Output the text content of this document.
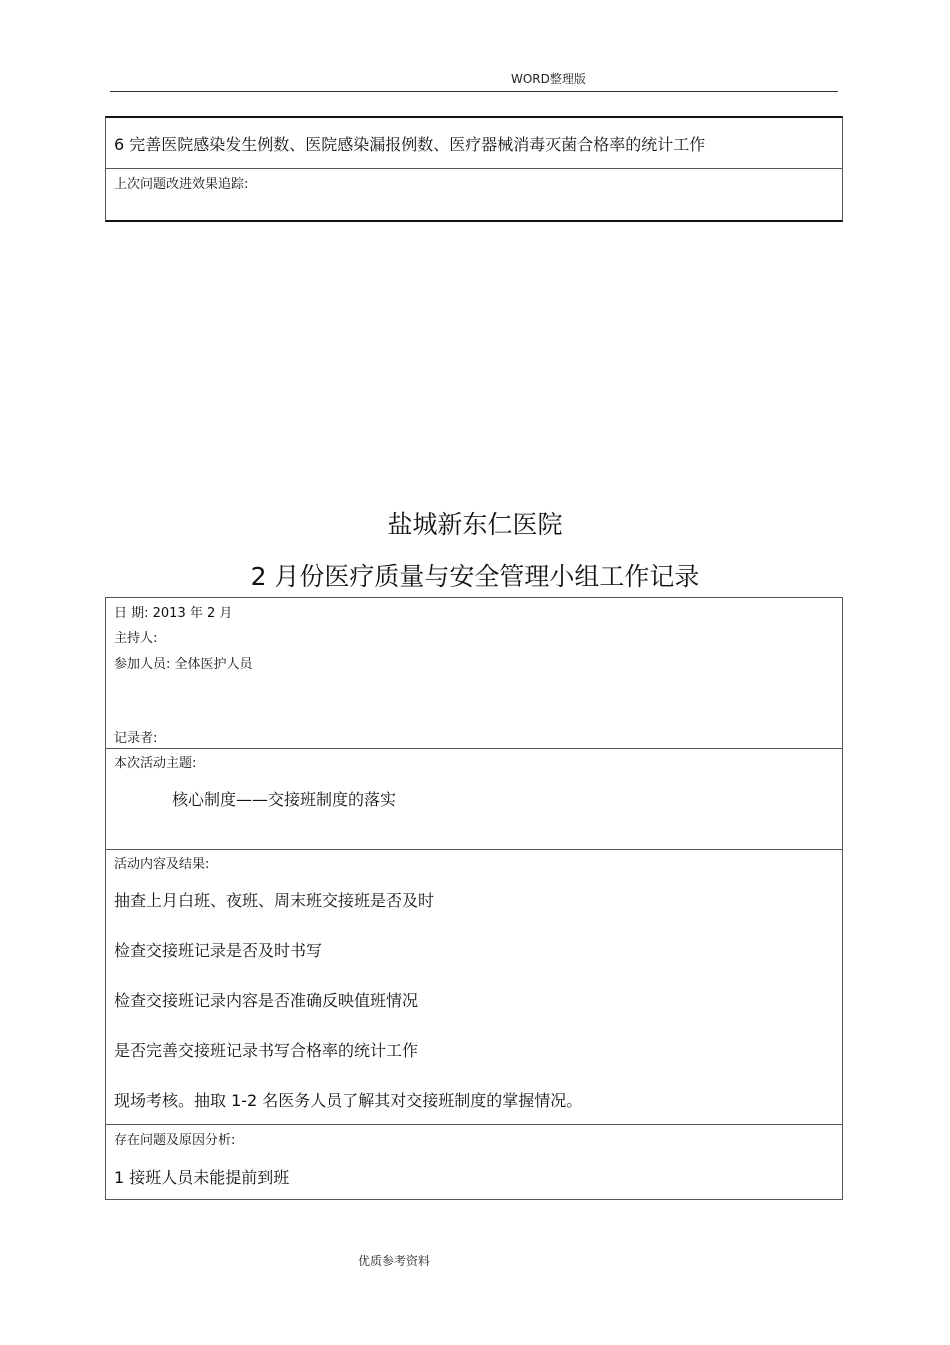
WORD整理版
6 完善医院感染发生例数、医院感染漏报例数、医疗器械消毒灭菌合格率的统计工作
上次问题改进效果追踪:
盐城新东仁医院
2 月份医疗质量与安全管理小组工作记录
日 期: 2013 年 2 月
主持人:
参加人员: 全体医护人员
记录者:
本次活动主题:
核心制度——交接班制度的落实
活动内容及结果:
抽查上月白班、夜班、周末班交接班是否及时
检查交接班记录是否及时书写
检查交接班记录内容是否准确反映值班情况
是否完善交接班记录书写合格率的统计工作
现场考核。抽取 1-2 名医务人员了解其对交接班制度的掌握情况。
存在问题及原因分析:
1 接班人员未能提前到班
优质参考资料
